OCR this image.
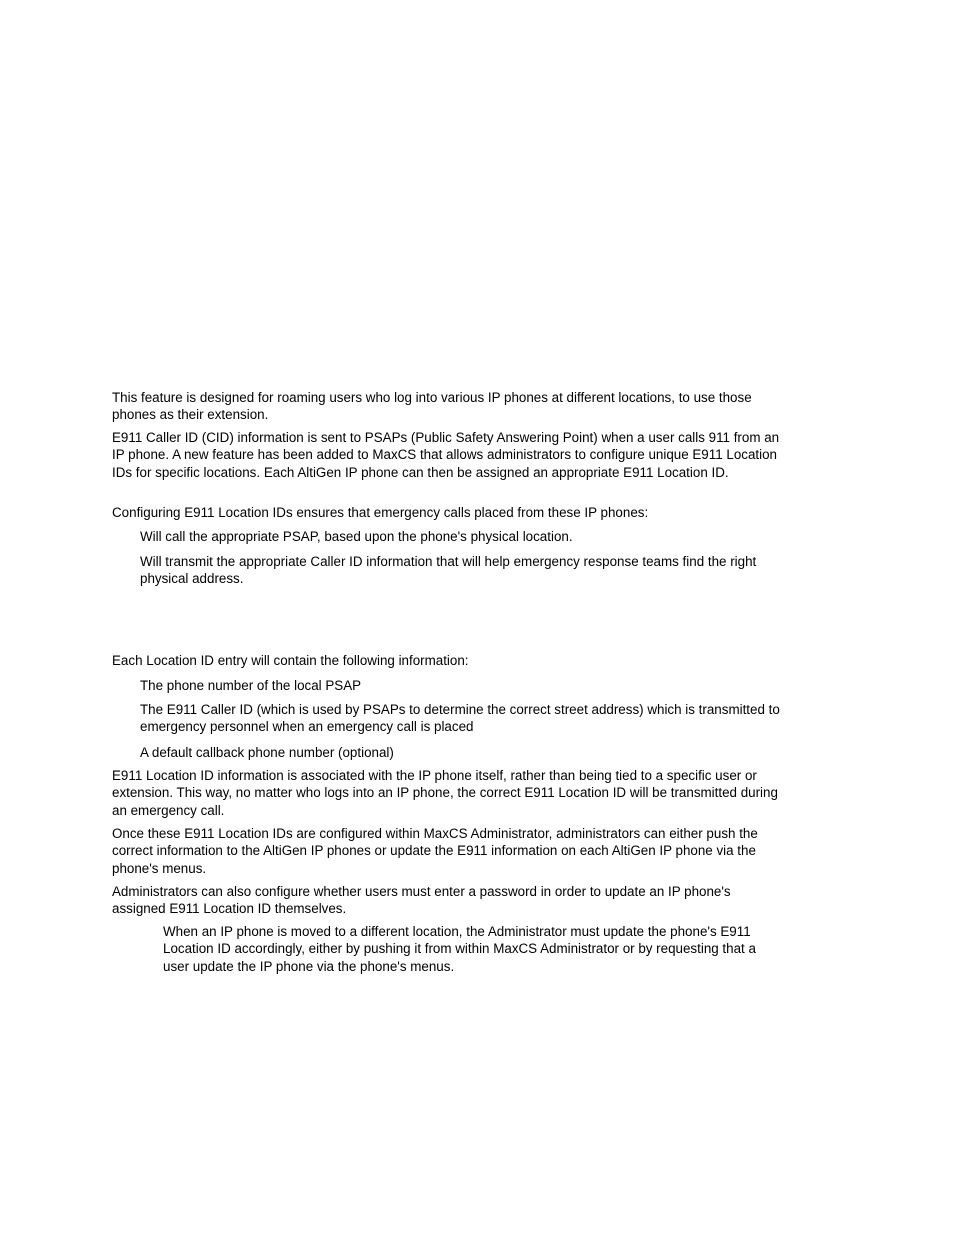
This feature is designed for roaming users who log into various IP phones at different locations, to use those phones as their extension.

E911 Caller ID (CID) information is sent to PSAPs (Public Safety Answering Point) when a user calls 911 from an IP phone. A new feature has been added to MaxCS that allows administrators to configure unique E911 Location IDs for specific locations. Each AltiGen IP phone can then be assigned an appropriate E911 Location ID.

Configuring E911 Location IDs ensures that emergency calls placed from these IP phones:

Will call the appropriate PSAP, based upon the phone's physical location.

Will transmit the appropriate Caller ID information that will help emergency response teams find the right physical address.

Each Location ID entry will contain the following information:

The phone number of the local PSAP

The E911 Caller ID (which is used by PSAPs to determine the correct street address) which is transmitted to emergency personnel when an emergency call is placed

A default callback phone number (optional)

E911 Location ID information is associated with the IP phone itself, rather than being tied to a specific user or extension. This way, no matter who logs into an IP phone, the correct E911 Location ID will be transmitted during an emergency call.

Once these E911 Location IDs are configured within MaxCS Administrator, administrators can either push the correct information to the AltiGen IP phones or update the E911 information on each AltiGen IP phone via the phone's menus.

Administrators can also configure whether users must enter a password in order to update an IP phone's assigned E911 Location ID themselves.

When an IP phone is moved to a different location, the Administrator must update the phone's E911 Location ID accordingly, either by pushing it from within MaxCS Administrator or by requesting that a user update the IP phone via the phone's menus.
